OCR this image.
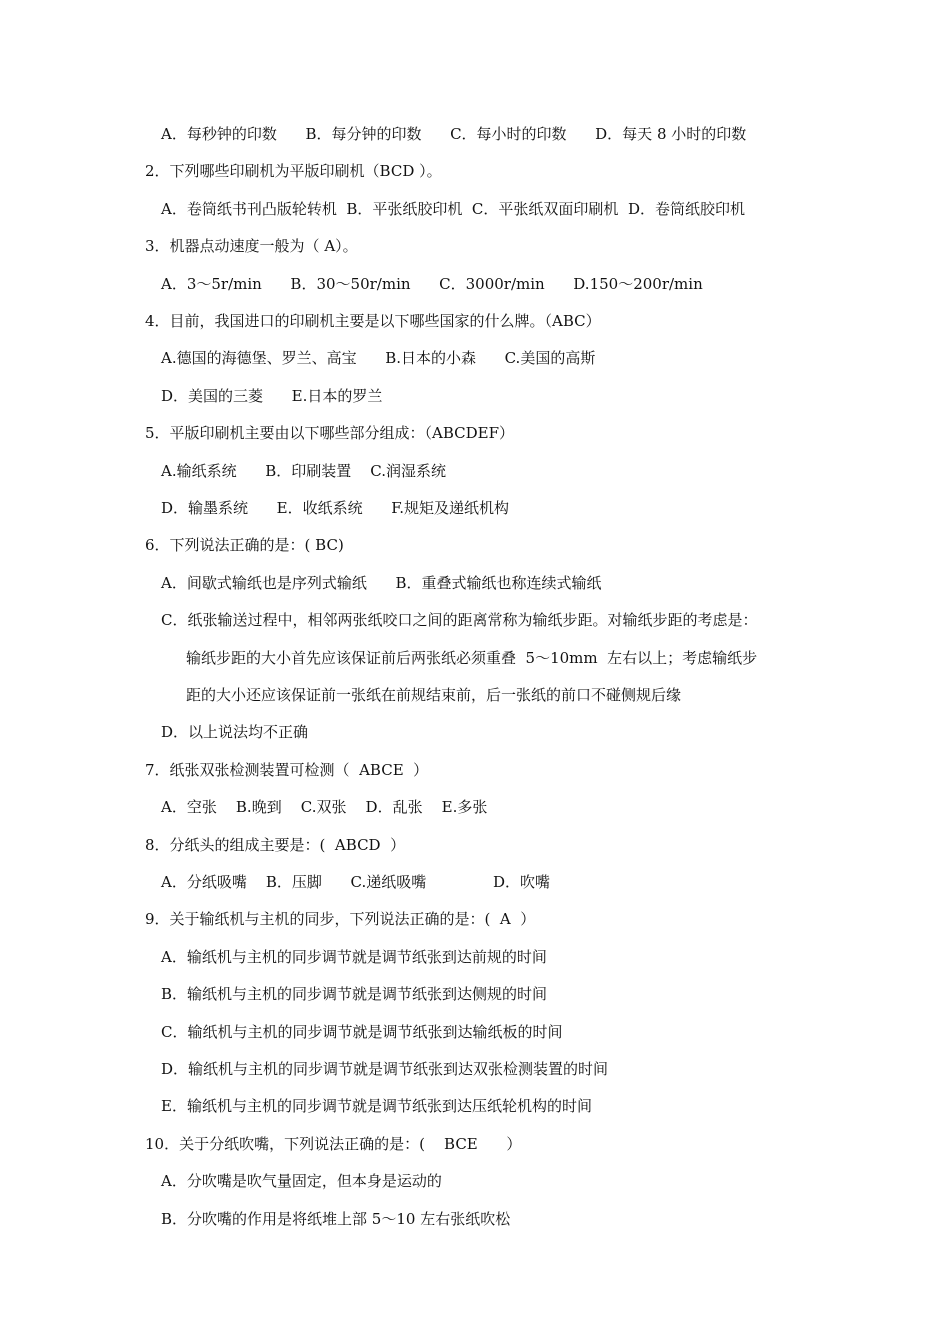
A．每秒钟的印数      B．每分钟的印数      C．每小时的印数      D．每天 8 小时的印数
2．下列哪些印刷机为平版印刷机（BCD ）。
A．卷筒纸书刊凸版轮转机  B．平张纸胶印机  C．平张纸双面印刷机  D．卷筒纸胶印机
3．机器点动速度一般为（ A）。
A．3～5r/min      B．30～50r/min      C．3000r/min      D.150～200r/min
4．目前，我国进口的印刷机主要是以下哪些国家的什么牌。（ABC）
A.德国的海德堡、罗兰、高宝      B.日本的小森      C.美国的高斯
D．美国的三菱      E.日本的罗兰
5．平版印刷机主要由以下哪些部分组成：（ABCDEF）
A.输纸系统      B．印刷装置    C.润湿系统
D．输墨系统      E．收纸系统      F.规矩及递纸机构
6．下列说法正确的是：( BC)
A．间歇式输纸也是序列式输纸      B．重叠式输纸也称连续式输纸
C．纸张输送过程中，相邻两张纸咬口之间的距离常称为输纸步距。对输纸步距的考虑是：
输纸步距的大小首先应该保证前后两张纸必须重叠  5～10mm  左右以上；考虑输纸步
距的大小还应该保证前一张纸在前规结束前，后一张纸的前口不碰侧规后缘
D．以上说法均不正确
7．纸张双张检测装置可检测（  ABCE  ）
A．空张    B.晚到    C.双张    D．乱张    E.多张
8．分纸头的组成主要是：(  ABCD  ）
A．分纸吸嘴    B．压脚      C.递纸吸嘴              D．吹嘴
9．关于输纸机与主机的同步，下列说法正确的是：(  A  ）
A．输纸机与主机的同步调节就是调节纸张到达前规的时间
B．输纸机与主机的同步调节就是调节纸张到达侧规的时间
C．输纸机与主机的同步调节就是调节纸张到达输纸板的时间
D．输纸机与主机的同步调节就是调节纸张到达双张检测装置的时间
E．输纸机与主机的同步调节就是调节纸张到达压纸轮机构的时间
10．关于分纸吹嘴，下列说法正确的是：(    BCE      ）
A．分吹嘴是吹气量固定，但本身是运动的
B．分吹嘴的作用是将纸堆上部 5～10 左右张纸吹松
